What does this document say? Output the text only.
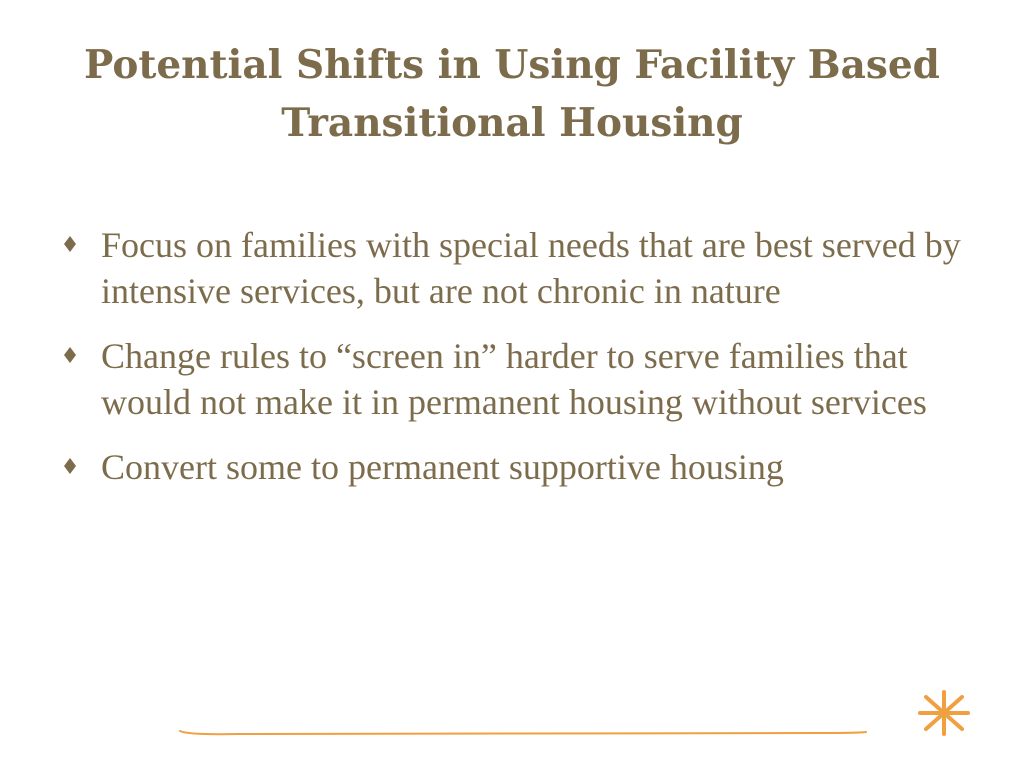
Potential Shifts in Using Facility Based Transitional Housing
Focus on families with special needs that are best served by intensive services, but are not chronic in nature
Change rules to “screen in” harder to serve families that would not make it in permanent housing without services
Convert some to permanent supportive housing
